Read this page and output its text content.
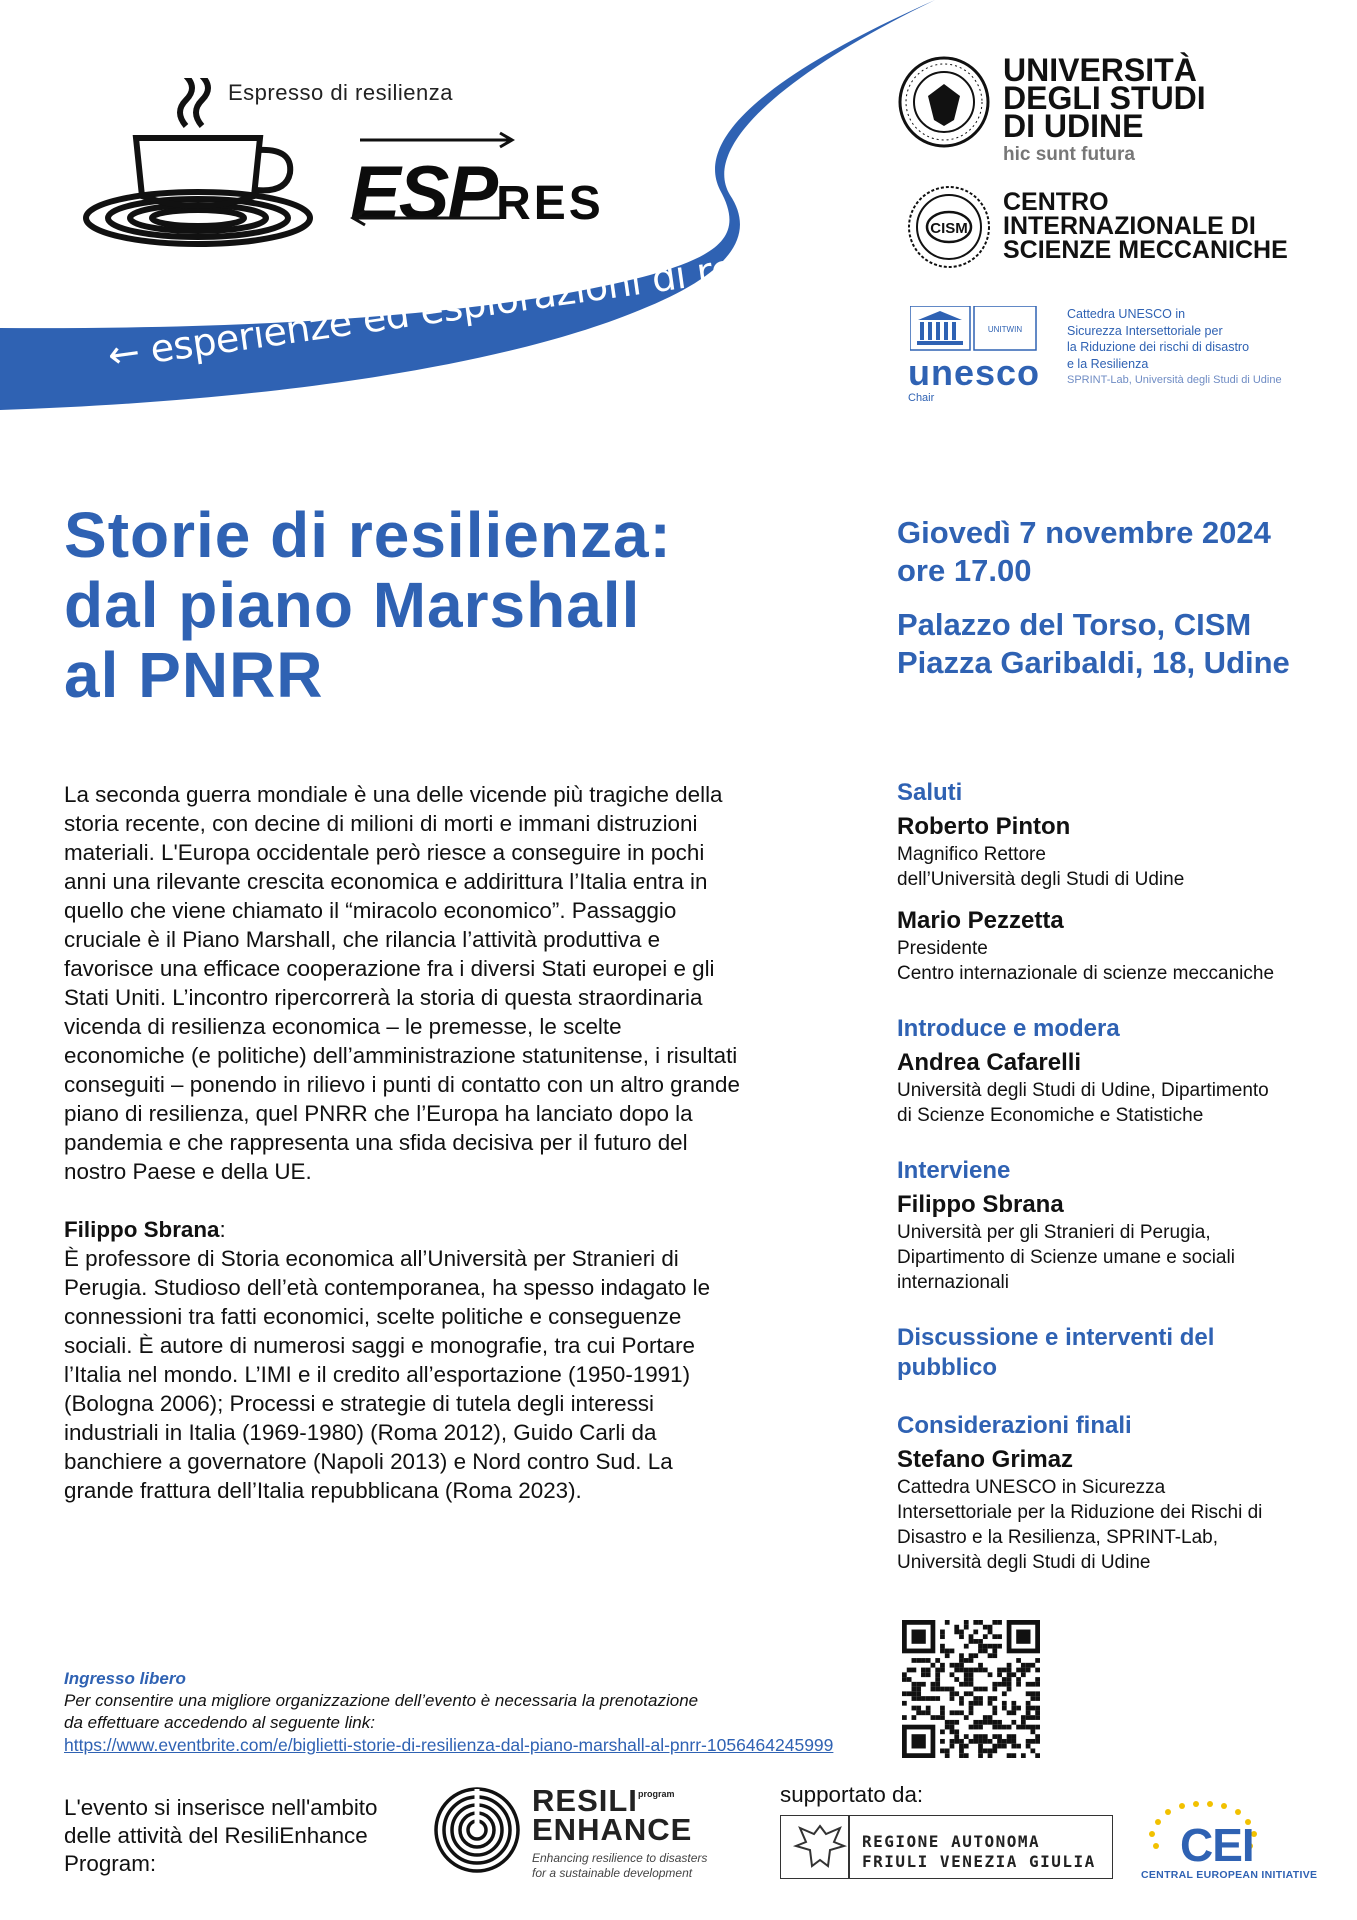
Espresso di resilienza
ESPRES
← esperienze ed esplorazioni di resilienza →
UNIVERSITÀ
DEGLI STUDI
DI UDINE
hic sunt futura
CISM
CENTRO
INTERNAZIONALE DI
SCIENZE MECCANICHE
UNITWIN
unesco
Chair
Cattedra UNESCO in
Sicurezza Intersettoriale per
la Riduzione dei rischi di disastro
e la Resilienza
SPRINT-Lab, Università degli Studi di Udine
Storie di resilienza:
dal piano Marshall
al PNRR
Giovedì 7 novembre 2024
ore 17.00
Palazzo del Torso, CISM
Piazza Garibaldi, 18, Udine
La seconda guerra mondiale è una delle vicende più tragiche della
storia recente, con decine di milioni di morti e immani distruzioni
materiali. L'Europa occidentale però riesce a conseguire in pochi
anni una rilevante crescita economica e addirittura l’Italia entra in
quello che viene chiamato il “miracolo economico”. Passaggio
cruciale è il Piano Marshall, che rilancia l’attività produttiva e
favorisce una efficace cooperazione fra i diversi Stati europei e gli
Stati Uniti. L’incontro ripercorrerà la storia di questa straordinaria
vicenda di resilienza economica – le premesse, le scelte
economiche (e politiche) dell’amministrazione statunitense, i risultati
conseguiti – ponendo in rilievo i punti di contatto con un altro grande
piano di resilienza, quel PNRR che l’Europa ha lanciato dopo la
pandemia e che rappresenta una sfida decisiva per il futuro del
nostro Paese e della UE.
Filippo Sbrana:
È professore di Storia economica all’Università per Stranieri di
Perugia. Studioso dell’età contemporanea, ha spesso indagato le
connessioni tra fatti economici, scelte politiche e conseguenze
sociali. È autore di numerosi saggi e monografie, tra cui Portare
l’Italia nel mondo. L’IMI e il credito all’esportazione (1950-1991)
(Bologna 2006); Processi e strategie di tutela degli interessi
industriali in Italia (1969-1980) (Roma 2012), Guido Carli da
banchiere a governatore (Napoli 2013) e Nord contro Sud. La
grande frattura dell’Italia repubblicana (Roma 2023).
Saluti
Roberto Pinton
Magnifico Rettore
dell’Università degli Studi di Udine
Mario Pezzetta
Presidente
Centro internazionale di scienze meccaniche
Introduce e modera
Andrea Cafarelli
Università degli Studi di Udine, Dipartimento
di Scienze Economiche e Statistiche
Interviene
Filippo Sbrana
Università per gli Stranieri di Perugia,
Dipartimento di Scienze umane e sociali
internazionali
Discussione e interventi del
pubblico
Considerazioni finali
Stefano Grimaz
Cattedra UNESCO in Sicurezza
Intersettoriale per la Riduzione dei Rischi di
Disastro e la Resilienza, SPRINT-Lab,
Università degli Studi di Udine
Ingresso libero
Per consentire una migliore organizzazione dell’evento è necessaria la prenotazione
da effettuare accedendo al seguente link:
https://www.eventbrite.com/e/biglietti-storie-di-resilienza-dal-piano-marshall-al-pnrr-1056464245999
L'evento si inserisce nell'ambito
delle attività del ResiliEnhance
Program:
RESILI
ENHANCE
program
Enhancing resilience to disasters
for a sustainable development
supportato da:
REGIONE AUTONOMA
FRIULI VENEZIA GIULIA CEI
CENTRAL EUROPEAN INITIATIVE
